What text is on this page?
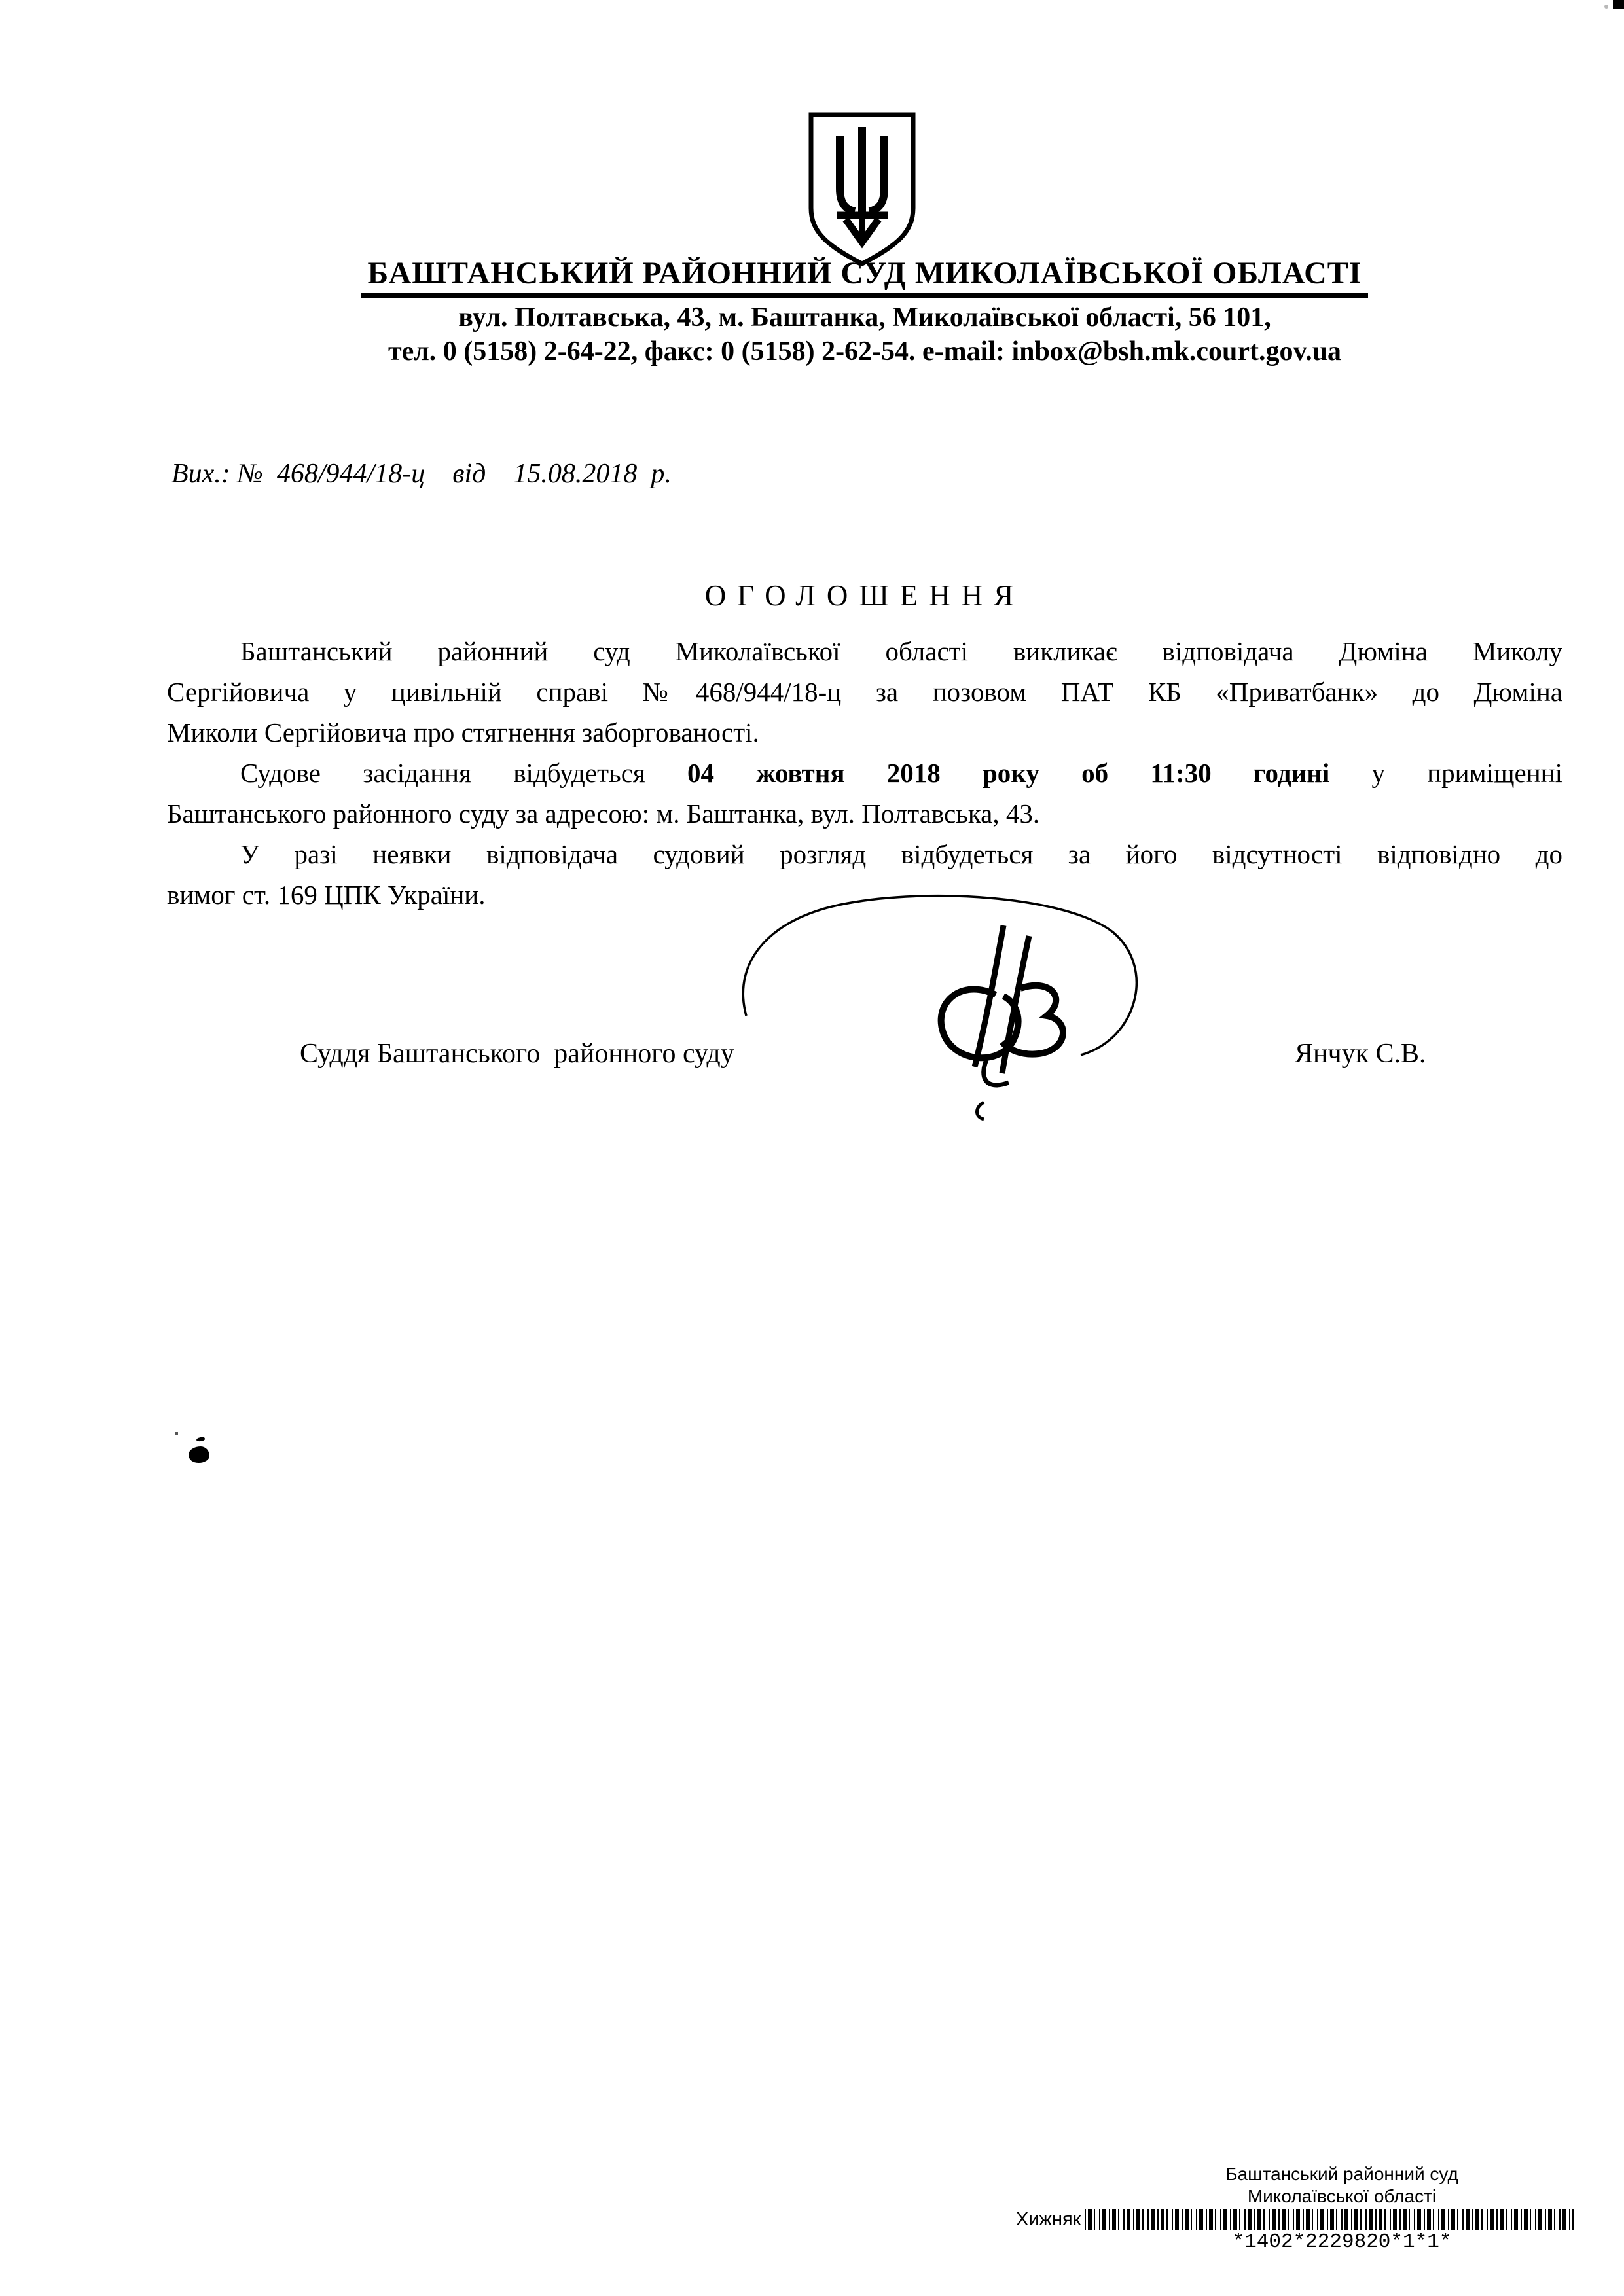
БАШТАНСЬКИЙ РАЙОННИЙ СУД МИКОЛАЇВСЬКОЇ ОБЛАСТІ
вул. Полтавська, 43, м. Баштанка, Миколаївської області, 56 101,
тел. 0 (5158) 2-64-22, факс: 0 (5158) 2-62-54. e-mail: inbox@bsh.mk.court.gov.ua
Вих.: №  468/944/18-ц    від    15.08.2018  р.
ОГОЛОШЕННЯ
Баштанський районний суд Миколаївської області викликає відповідача Дюміна Миколу
Сергійовича у цивільній справі №468/944/18-ц за позовом ПАТ КБ «Приватбанк» до Дюміна
Миколи Сергійовича про стягнення заборгованості.
Судове засідання відбудеться 04 жовтня 2018 року об 11:30 годині у приміщенні
Баштанського районного суду за адресою: м. Баштанка, вул. Полтавська, 43.
У разі неявки відповідача судовий розгляд відбудеться за його відсутності відповідно до
вимог ст. 169 ЦПК України.
Суддя Баштанського  районного суду	Янчук С.В.
Баштанський районний суд
Миколаївської області
Хижняк
*1402*2229820*1*1*
